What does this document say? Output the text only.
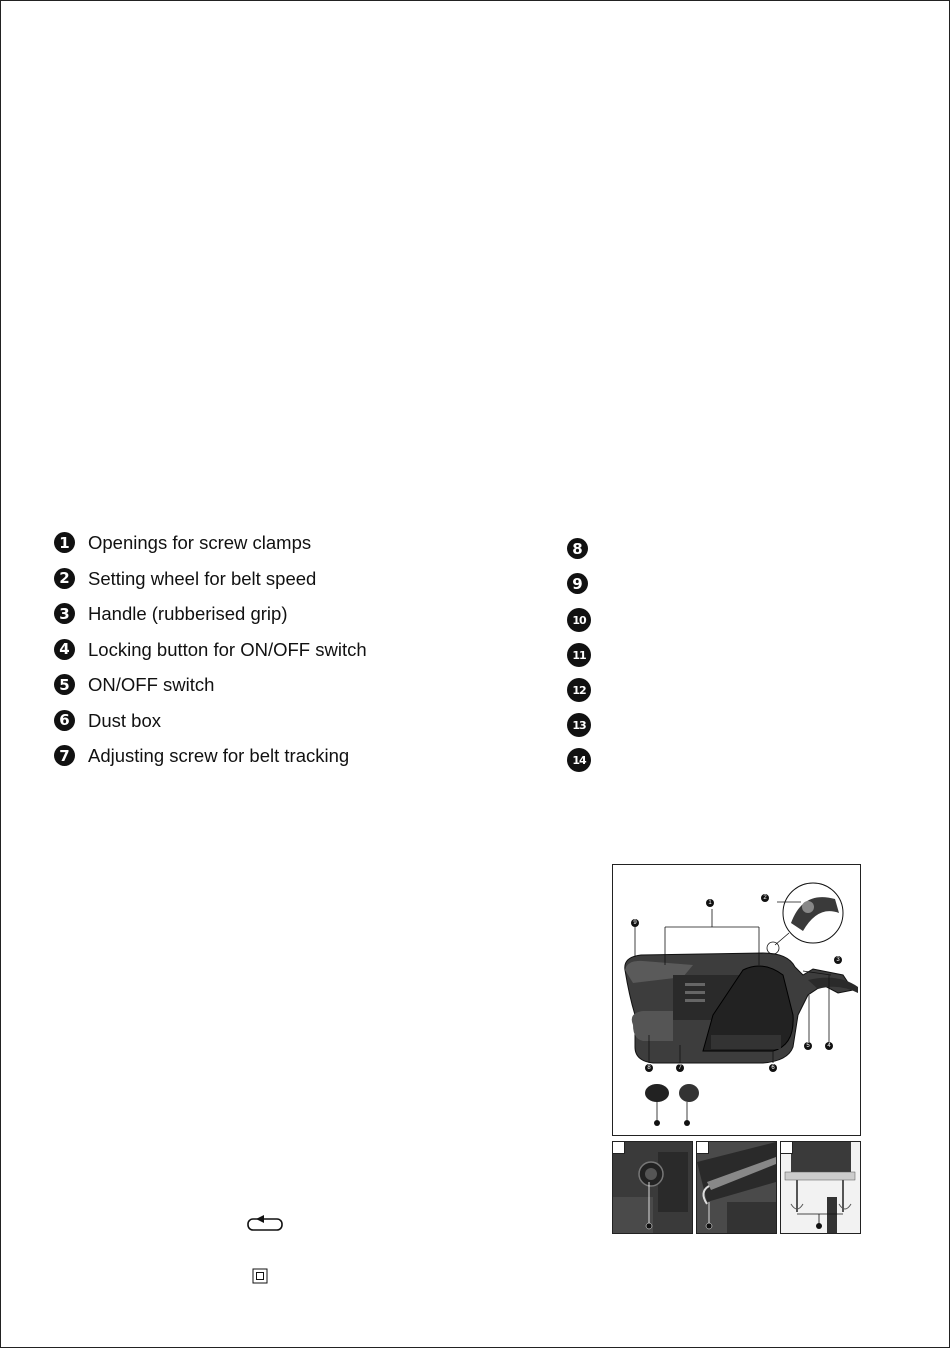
1 Openings for screw clamps
2 Setting wheel for belt speed
3 Handle (rubberised grip)
4 Locking button for ON/OFF switch
5 ON/OFF switch
6 Dust box
7 Adjusting screw for belt tracking
8
9
10
11
12
13
14
1
2
3
4
5
6
7
8
9
